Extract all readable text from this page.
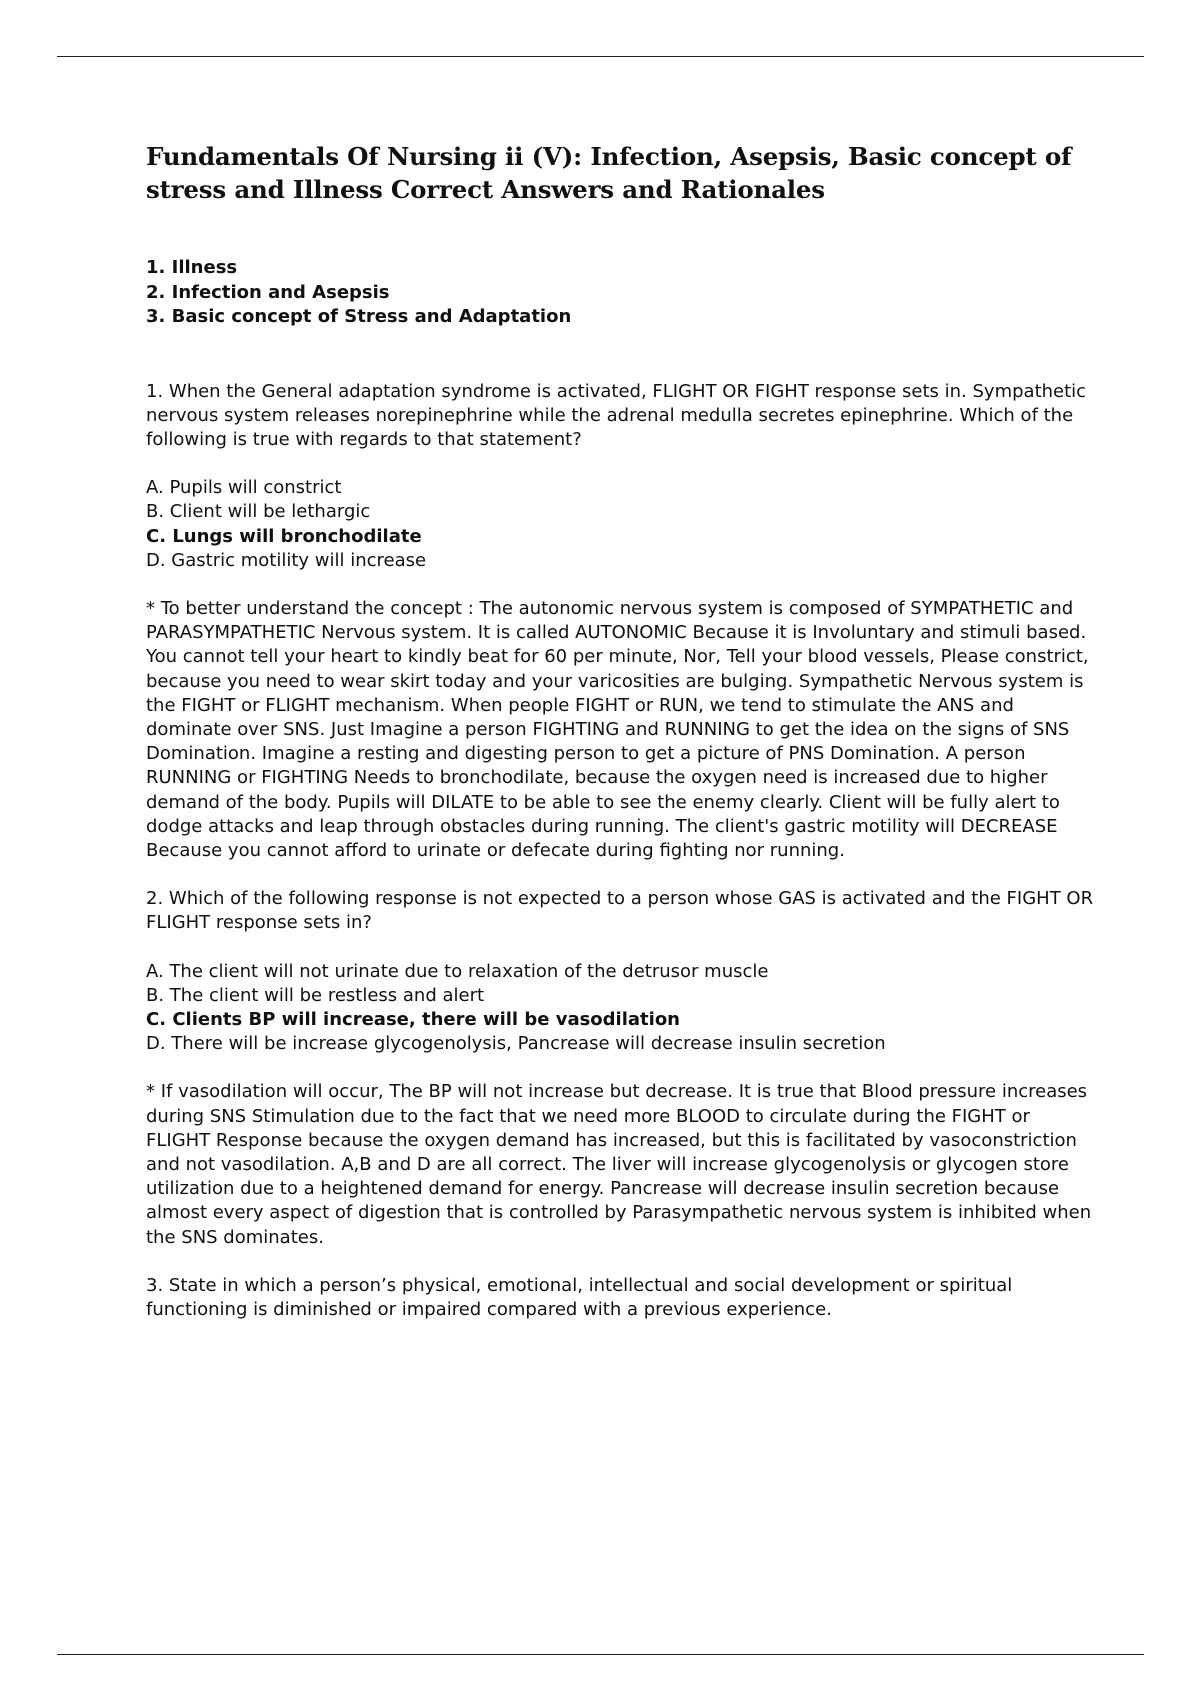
Fundamentals Of Nursing ii (V): Infection, Asepsis, Basic concept of stress and Illness Correct Answers and Rationales
1. Illness
2. Infection and Asepsis
3. Basic concept of Stress and Adaptation

1. When the General adaptation syndrome is activated, FLIGHT OR FIGHT response sets in. Sympathetic nervous system releases norepinephrine while the adrenal medulla secretes epinephrine. Which of the following is true with regards to that statement?

A. Pupils will constrict
B. Client will be lethargic
C. Lungs will bronchodilate
D. Gastric motility will increase

* To better understand the concept : The autonomic nervous system is composed of SYMPATHETIC and PARASYMPATHETIC Nervous system. It is called AUTONOMIC Because it is Involuntary and stimuli based. You cannot tell your heart to kindly beat for 60 per minute, Nor, Tell your blood vessels, Please constrict, because you need to wear skirt today and your varicosities are bulging. Sympathetic Nervous system is the FIGHT or FLIGHT mechanism. When people FIGHT or RUN, we tend to stimulate the ANS and dominate over SNS. Just Imagine a person FIGHTING and RUNNING to get the idea on the signs of SNS Domination. Imagine a resting and digesting person to get a picture of PNS Domination. A person RUNNING or FIGHTING Needs to bronchodilate, because the oxygen need is increased due to higher demand of the body. Pupils will DILATE to be able to see the enemy clearly. Client will be fully alert to dodge attacks and leap through obstacles during running. The client's gastric motility will DECREASE Because you cannot afford to urinate or defecate during fighting nor running.

2. Which of the following response is not expected to a person whose GAS is activated and the FIGHT OR FLIGHT response sets in?

A. The client will not urinate due to relaxation of the detrusor muscle
B. The client will be restless and alert
C. Clients BP will increase, there will be vasodilation
D. There will be increase glycogenolysis, Pancrease will decrease insulin secretion

* If vasodilation will occur, The BP will not increase but decrease. It is true that Blood pressure increases during SNS Stimulation due to the fact that we need more BLOOD to circulate during the FIGHT or FLIGHT Response because the oxygen demand has increased, but this is facilitated by vasoconstriction and not vasodilation. A,B and D are all correct. The liver will increase glycogenolysis or glycogen store utilization due to a heightened demand for energy. Pancrease will decrease insulin secretion because almost every aspect of digestion that is controlled by Parasympathetic nervous system is inhibited when the SNS dominates.

3. State in which a person’s physical, emotional, intellectual and social development or spiritual functioning is diminished or impaired compared with a previous experience.
